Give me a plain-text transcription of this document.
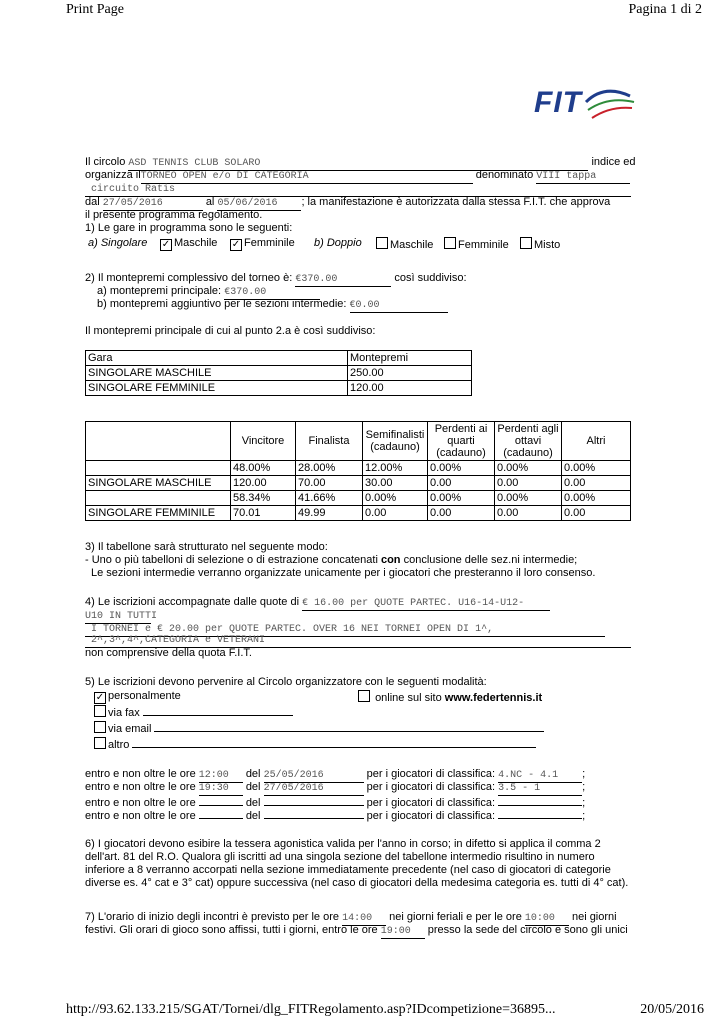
Print Page	Pagina 1 di 2
FIT
Il circolo ASD TENNIS CLUB SOLARO	indice ed
organizza ilTORNEO OPEN e/o DI CATEGORIA	denominato VIII tappa
circuito Ratis
dal 27/05/2016	al 05/06/2016 ; la manifestazione è autorizzata dalla stessa F.I.T. che approva
il presente programma regolamento.
1) Le gare in programma sono le seguenti:
a) Singolare ✓ Maschile ✓ Femminile b) Doppio	Maschile	Femminile	Misto
2) Il montepremi complessivo del torneo è: €370.00	così suddiviso:
a) montepremi principale: €370.00
b) montepremi aggiuntivo per le sezioni intermedie: €0.00
Il montepremi principale di cui al punto 2.a è così suddiviso:
Gara	Montepremi
SINGOLARE MASCHILE	250.00
SINGOLARE FEMMINILE	120.00
	Vincitore	Finalista	Semifinalisti (cadauno)	Perdenti ai quarti (cadauno)	Perdenti agli ottavi (cadauno)	Altri
	48.00%	28.00%	12.00%	0.00%	0.00%	0.00%
SINGOLARE MASCHILE	120.00	70.00	30.00	0.00	0.00	0.00
	58.34%	41.66%	0.00%	0.00%	0.00%	0.00%
SINGOLARE FEMMINILE	70.01	49.99	0.00	0.00	0.00	0.00
3) Il tabellone sarà strutturato nel seguente modo:
- Uno o più tabelloni di selezione o di estrazione concatenati con conclusione delle sez.ni intermedie;
Le sezioni intermedie verranno organizzate unicamente per i giocatori che presteranno il loro consenso.
4) Le iscrizioni accompagnate dalle quote di € 16.00 per QUOTE PARTEC. U16-14-U12-
U10 IN TUTTI
I TORNEI e € 20.00 per QUOTE PARTEC. OVER 16 NEI TORNEI OPEN DI 1^,
2^,3^,4^,CATEGORIA e VETERANI
non comprensive della quota F.I.T.
5) Le iscrizioni devono pervenire al Circolo organizzatore con le seguenti modalità:
✓ personalmente	online sul sito www.federtennis.it
via fax
via email
altro
entro e non oltre le ore 12:00 del 25/05/2016	per i giocatori di classifica: 4.NC - 4.1 ;
entro e non oltre le ore 19:30 del 27/05/2016	per i giocatori di classifica: 3.5 - 1	;
entro e non oltre le ore	del	per i giocatori di classifica:	;
entro e non oltre le ore	del	per i giocatori di classifica:	;
6) I giocatori devono esibire la tessera agonistica valida per l'anno in corso; in difetto si applica il comma 2
dell'art. 81 del R.O. Qualora gli iscritti ad una singola sezione del tabellone intermedio risultino in numero
inferiore a 8 verranno accorpati nella sezione immediatamente precedente (nel caso di giocatori di categorie
diverse es. 4° cat e 3° cat) oppure successiva (nel caso di giocatori della medesima categoria es. tutti di 4° cat).
7) L'orario di inizio degli incontri è previsto per le ore 14:00 nei giorni feriali e per le ore 10:00 nei giorni
festivi. Gli orari di gioco sono affissi, tutti i giorni, entro le ore 19:00 presso la sede del circolo e sono gli unici
http://93.62.133.215/SGAT/Tornei/dlg_FITRegolamento.asp?IDcompetizione=36895...	20/05/2016
